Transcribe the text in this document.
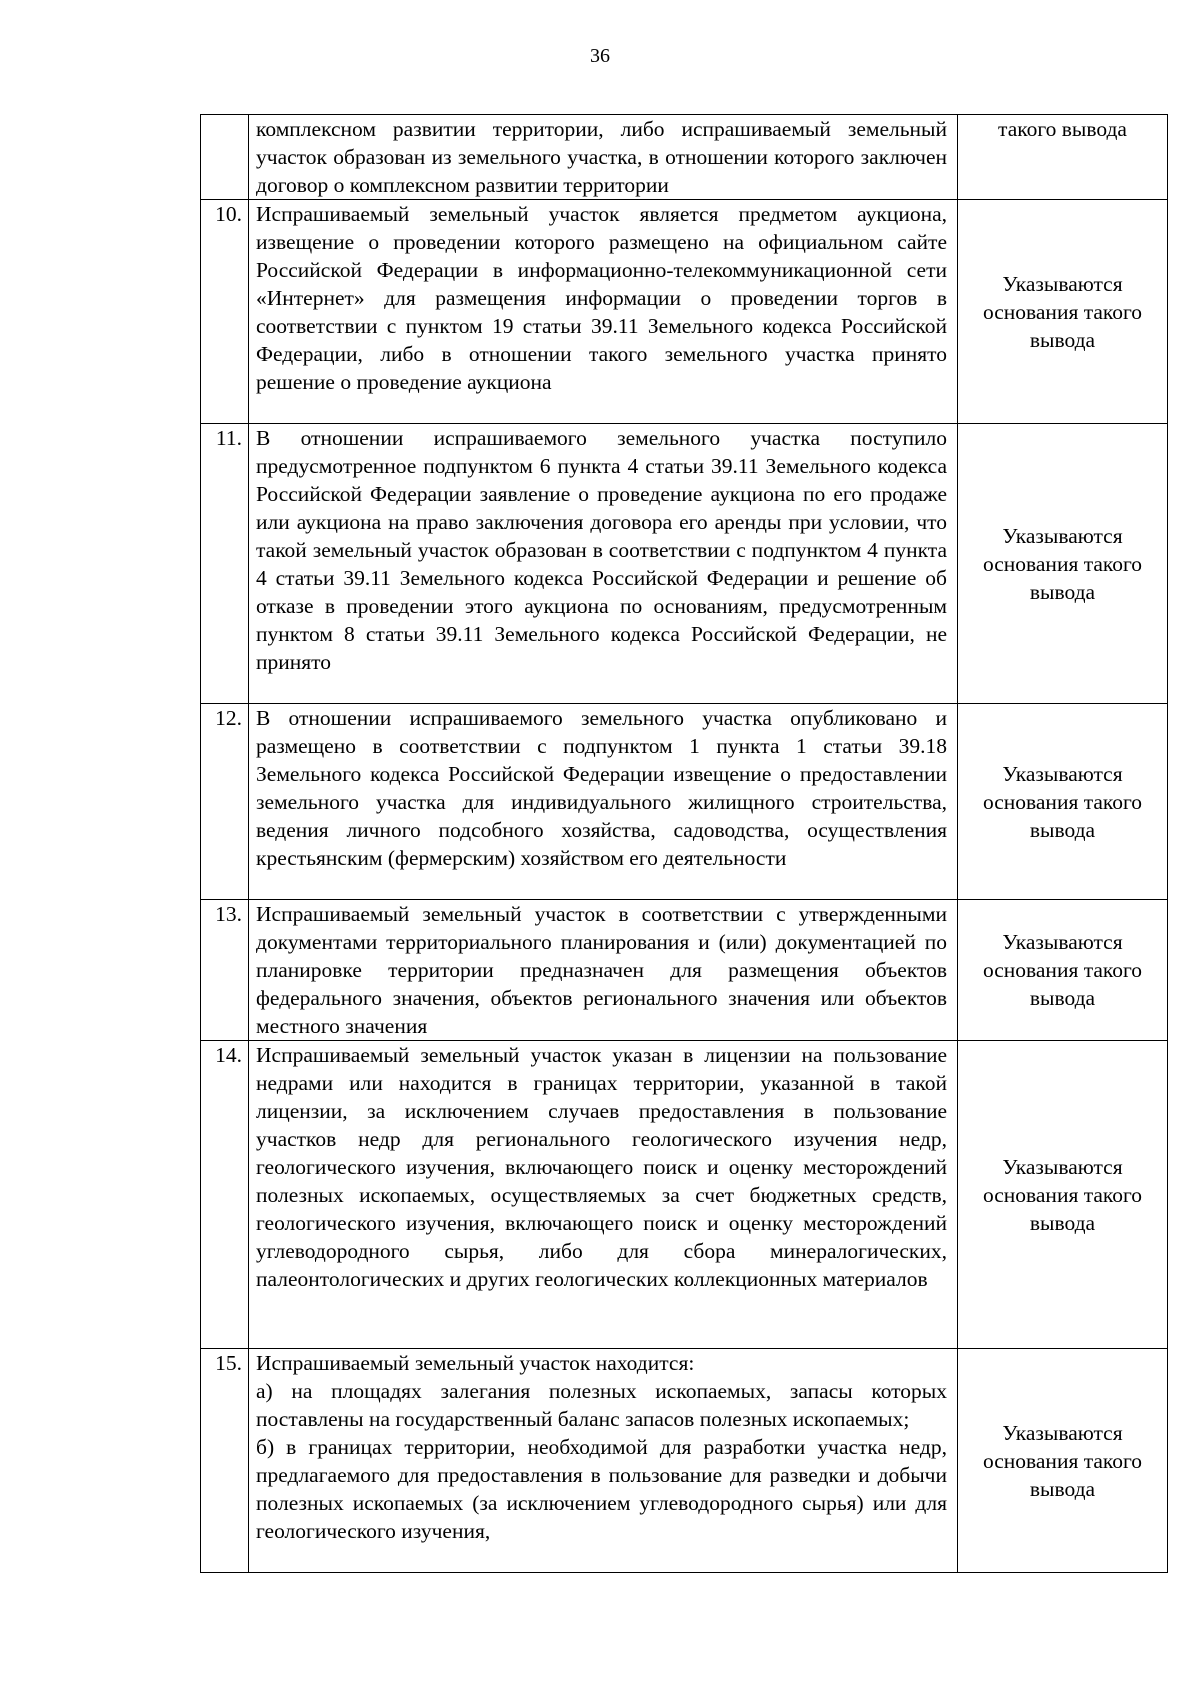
36
	комплексном развитии территории, либо испрашиваемый земельный участок образован из земельного участка, в отношении которого заключен договор о комплексном развитии территории	такого вывода
10.	Испрашиваемый земельный участок является предметом аукциона, извещение о проведении которого размещено на официальном сайте Российской Федерации в информационно-телекоммуникационной сети «Интернет» для размещения информации о проведении торгов в соответствии с пунктом 19 статьи 39.11 Земельного кодекса Российской Федерации, либо в отношении такого земельного участка принято решение о проведение аукциона	Указываются основания такого вывода
11.	В отношении испрашиваемого земельного участка поступило предусмотренное подпунктом 6 пункта 4 статьи 39.11 Земельного кодекса Российской Федерации заявление о проведение аукциона по его продаже или аукциона на право заключения договора его аренды при условии, что такой земельный участок образован в соответствии с подпунктом 4 пункта 4 статьи 39.11 Земельного кодекса Российской Федерации и решение об отказе в проведении этого аукциона по основаниям, предусмотренным пунктом 8 статьи 39.11 Земельного кодекса Российской Федерации, не принято	Указываются основания такого вывода
12.	В отношении испрашиваемого земельного участка опубликовано и размещено в соответствии с подпунктом 1 пункта 1 статьи 39.18 Земельного кодекса Российской Федерации извещение о предоставлении земельного участка для индивидуального жилищного строительства, ведения личного подсобного хозяйства, садоводства, осуществления крестьянским (фермерским) хозяйством его деятельности	Указываются основания такого вывода
13.	Испрашиваемый земельный участок в соответствии с утвержденными документами территориального планирования и (или) документацией по планировке территории предназначен для размещения объектов федерального значения, объектов регионального значения или объектов местного значения	Указываются основания такого вывода
14.	Испрашиваемый земельный участок указан в лицензии на пользование недрами или находится в границах территории, указанной в такой лицензии, за исключением случаев предоставления в пользование участков недр для регионального геологического изучения недр, геологического изучения, включающего поиск и оценку месторождений полезных ископаемых, осуществляемых за счет бюджетных средств, геологического изучения, включающего поиск и оценку месторождений углеводородного сырья, либо для сбора минералогических, палеонтологических и других геологических коллекционных материалов	Указываются основания такого вывода
15.	Испрашиваемый земельный участок находится:
а) на площадях залегания полезных ископаемых, запасы которых поставлены на государственный баланс запасов полезных ископаемых;
б) в границах территории, необходимой для разработки участка недр, предлагаемого для предоставления в пользование для разведки и добычи полезных ископаемых (за исключением углеводородного сырья) или для геологического изучения,	Указываются основания такого вывода
